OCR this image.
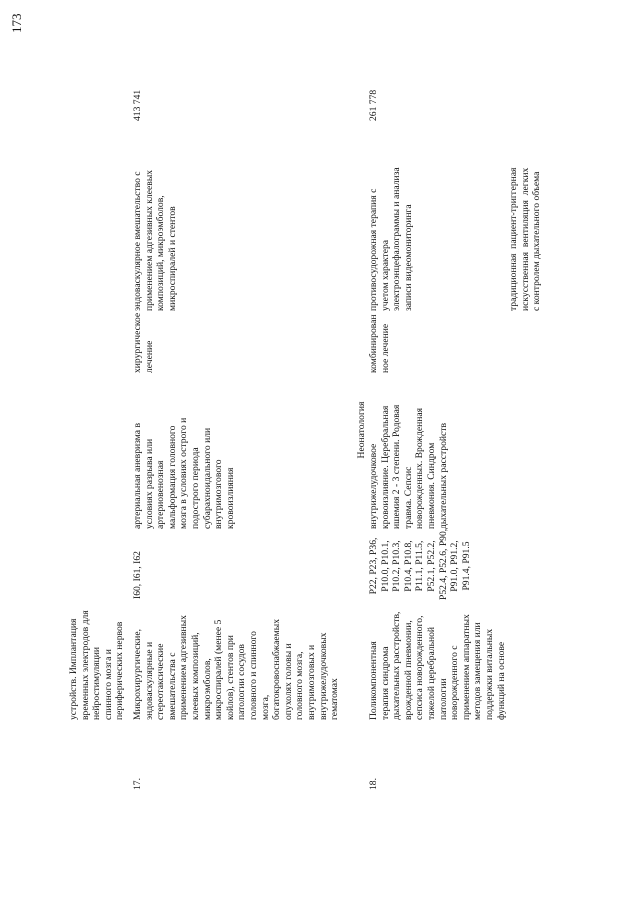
173
устройств. Имплантация
временных электродов для
нейростимуляции
спинного мозга и
периферических нервов
17.
Микрохирургические,
эндоваскулярные и
стереотаксические
вмешательства с
применением адгезивных
клеевых композиций,
микроэмболов,
микроспиралей (менее 5
койлов), стентов при
патологии сосудов
головного и спинного
мозга,
богатокровоснабжаемых
опухолях головы и
головного мозга,
внутримозговых и
внутрижелудочковых
гематомах
I60, I61, I62
артериальная аневризма в
условиях разрыва или
артериовенозная
мальформация головного
мозга в условиях острого и
подострого периода
субарахноидального или
внутримозгового
кровоизлияния
хирургическое
лечение
эндоваскулярное вмешательство с
применением адгезивных клеевых
композиций, микроэмболов,
микроспиралей и стентов
413 741
Неонатология
18.
Поликомпонентная
терапия синдрома
дыхательных расстройств,
врожденной пневмонии,
сепсиса новорожденного,
тяжелой церебральной
патологии
новорожденного с
применением аппаратных
методов замещения или
поддержки витальных
функций на основе
P22, P23, P36,
P10.0, P10.1,
P10.2, P10.3,
P10.4, P10.8,
P11.1, P11.5,
P52.1, P52.2,
P52.4, P52.6, P90,
P91.0, P91.2,
P91.4, P91.5
внутрижелудочковое
кровоизлияние. Церебральная
ишемия 2 - 3 степени. Родовая
травма. Сепсис
новорожденных. Врожденная
пневмония. Синдром
дыхательных расстройств
комбинирован
ное лечение
противосудорожная терапия с
учетом характера
электроэнцефалограммы и анализа
записи видеомониторинга
традиционная  пациент-триггерная
искусственная  вентиляция  легких
с контролем дыхательного объема
261 778
